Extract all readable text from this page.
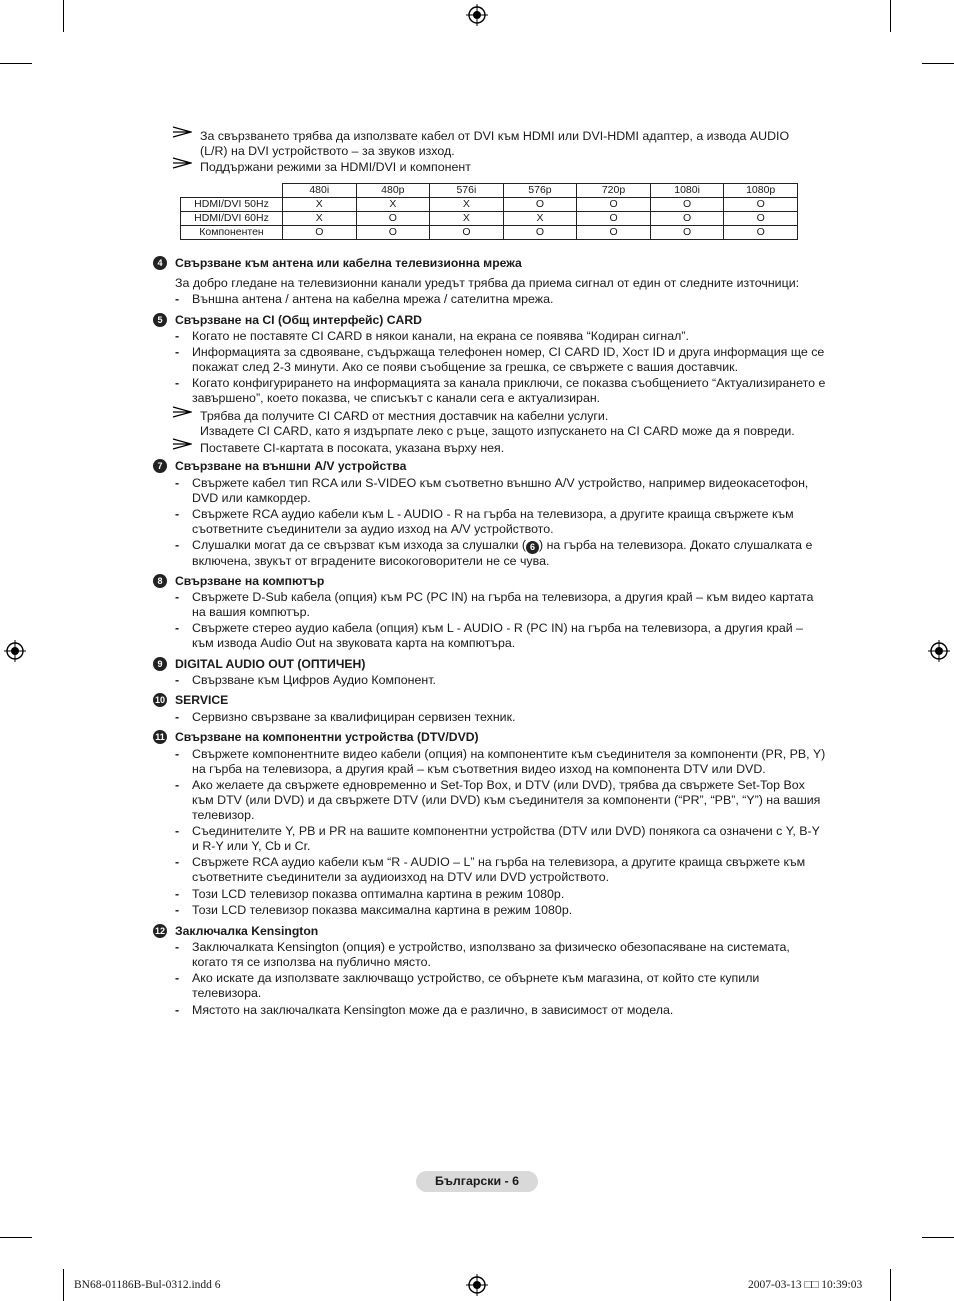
За свързването трябва да използвате кабел от DVI към HDMI или DVI-HDMI адаптер, а извода AUDIO (L/R) на DVI устройството – за звуков изход.
Поддържани режими за HDMI/DVI и компонент
	480i	480p	576i	576p	720p	1080i	1080p
HDMI/DVI 50Hz	X	X	X	O	O	O	O
HDMI/DVI 60Hz	X	O	X	X	O	O	O
Компонентен	O	O	O	O	O	O	O
4	Свързване към антена или кабелна телевизионна мрежа
За добро гледане на телевизионни канали уредът трябва да приема сигнал от един от следните източници:
- Външна антена / антена на кабелна мрежа / сателитна мрежа.
5	Свързване на CI (Общ интерфейс) CARD
- Когато не поставяте CI CARD в някои канали, на екрана се появява “Кодиран сигнал”.
- Информацията за сдвояване, съдържаща телефонен номер, CI CARD ID, Хост ID и друга информация ще се покажат след 2-3 минути. Ако се появи съобщение за грешка, се свържете с вашия доставчик.
- Когато конфигурирането на информацията за канала приключи, се показва съобщението “Актуализирането е завършено”, което показва, че списъкът с канали сега е актуализиран.
Трябва да получите CI CARD от местния доставчик на кабелни услуги.
Извадете CI CARD, като я издърпате леко с ръце, защото изпускането на CI CARD може да я повреди.
Поставете CI-картата в посоката, указана върху нея.
7	Свързване на външни A/V устройства
- Свържете кабел тип RCA или S-VIDEO към съответно външно A/V устройство, например видеокасетофон, DVD или камкордер.
- Свържете RCA аудио кабели към L - AUDIO - R на гърба на телевизора, а другите краища свържете към съответните съединители за аудио изход на A/V устройството.
- Слушалки могат да се свързват към изхода за слушалки ( 6 ) на гърба на телевизора. Докато слушалката е включена, звукът от вградените високоговорители не се чува.
8	Свързване на компютър
- Свържете D-Sub кабела (опция) към PC (PC IN) на гърба на телевизора, а другия край – към видео картата на вашия компютър.
- Свържете стерео аудио кабела (опция) към L - AUDIO - R (PC IN) на гърба на телевизора, а другия край – към извода Audio Out на звуковата карта на компютъра.
9	DIGITAL AUDIO OUT (ОПТИЧЕН)
- Свързване към Цифров Аудио Компонент.
10 SERVICE
- Сервизно свързване за квалифициран сервизен техник.
11 Свързване на компонентни устройства (DTV/DVD)
- Свържете компонентните видео кабели (опция) на компонентите към съединителя за компоненти (PR, PB, Y) на гърба на телевизора, а другия край – към съответния видео изход на компонента DTV или DVD.
- Ако желаете да свържете едновременно и Set-Top Box, и DTV (или DVD), трябва да свържете Set-Top Box към DTV (или DVD) и да свържете DTV (или DVD) към съединителя за компоненти (“PR”, “PB”, “Y”) на вашия телевизор.
- Съединителите Y, PB и PR на вашите компонентни устройства (DTV или DVD) понякога са означени с Y, B-Y и R-Y или Y, Cb и Cr.
- Свържете RCA аудио кабели към “R - AUDIO – L” на гърба на телевизора, а другите краища свържете към съответните съединители за аудиоизход на DTV или DVD устройството.
- Този LCD телевизор показва оптимална картина в режим 1080p.
- Този LCD телевизор показва максимална картина в режим 1080p.
12 Заключалка Kensington
- Заключалката Kensington (опция) е устройство, използвано за физическо обезопасяване на системата, когато тя се използва на публично място.
- Ако искате да използвате заключващо устройство, се обърнете към магазина, от който сте купили телевизора.
- Мястото на заключалката Kensington може да е различно, в зависимост от модела.
Български - 6
BN68-01186B-Bul-0312.indd 6	2007-03-13 □□ 10:39:03
